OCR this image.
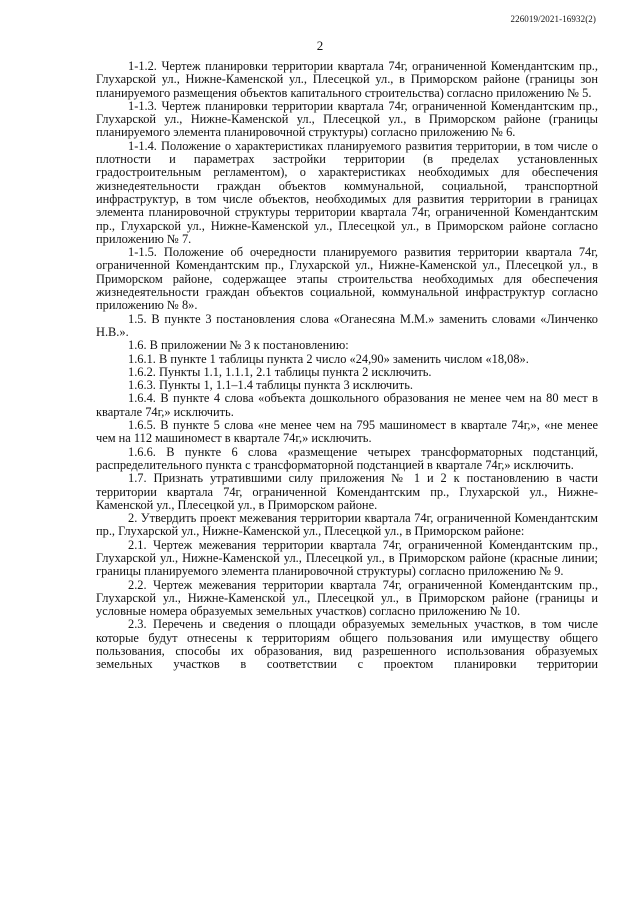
226019/2021-16932(2)
2

1-1.2. Чертеж планировки территории квартала 74г, ограниченной Комендантским пр., Глухарской ул., Нижне-Каменской ул., Плесецкой ул., в Приморском районе (границы зон планируемого размещения объектов капитального строительства) согласно приложению № 5.

1-1.3. Чертеж планировки территории квартала 74г, ограниченной Комендантским пр., Глухарской ул., Нижне-Каменской ул., Плесецкой ул., в Приморском районе (границы планируемого элемента планировочной структуры) согласно приложению № 6.

1-1.4. Положение о характеристиках планируемого развития территории, в том числе о плотности и параметрах застройки территории (в пределах установленных градостроительным регламентом), о характеристиках необходимых для обеспечения жизнедеятельности граждан объектов коммунальной, социальной, транспортной инфраструктур, в том числе объектов, необходимых для развития территории в границах элемента планировочной структуры территории квартала 74г, ограниченной Комендантским пр., Глухарской ул., Нижне-Каменской ул., Плесецкой ул., в Приморском районе согласно приложению № 7.

1-1.5. Положение об очередности планируемого развития территории квартала 74г, ограниченной Комендантским пр., Глухарской ул., Нижне-Каменской ул., Плесецкой ул., в Приморском районе, содержащее этапы строительства необходимых для обеспечения жизнедеятельности граждан объектов социальной, коммунальной инфраструктур согласно приложению № 8».

1.5. В пункте 3 постановления слова «Оганесяна М.М.» заменить словами «Линченко Н.В.».

1.6. В приложении № 3 к постановлению:

1.6.1. В пункте 1 таблицы пункта 2 число «24,90» заменить числом «18,08».

1.6.2. Пункты 1.1, 1.1.1, 2.1 таблицы пункта 2 исключить.

1.6.3. Пункты 1, 1.1–1.4 таблицы пункта 3 исключить.

1.6.4. В пункте 4 слова «объекта дошкольного образования не менее чем на 80 мест в квартале 74г,» исключить.

1.6.5. В пункте 5 слова «не менее чем на 795 машиномест в квартале 74г,», «не менее чем на 112 машиномест в квартале 74г,» исключить.

1.6.6. В пункте 6 слова «размещение четырех трансформаторных подстанций, распределительного пункта с трансформаторной подстанцией в квартале 74г,» исключить.

1.7. Признать утратившими силу приложения № 1 и 2 к постановлению в части территории квартала 74г, ограниченной Комендантским пр., Глухарской ул., Нижне-Каменской ул., Плесецкой ул., в Приморском районе.

2. Утвердить проект межевания территории квартала 74г, ограниченной Комендантским пр., Глухарской ул., Нижне-Каменской ул., Плесецкой ул., в Приморском районе:

2.1. Чертеж межевания территории квартала 74г, ограниченной Комендантским пр., Глухарской ул., Нижне-Каменской ул., Плесецкой ул., в Приморском районе (красные линии; границы планируемого элемента планировочной структуры) согласно приложению № 9.

2.2. Чертеж межевания территории квартала 74г, ограниченной Комендантским пр., Глухарской ул., Нижне-Каменской ул., Плесецкой ул., в Приморском районе (границы и условные номера образуемых земельных участков) согласно приложению № 10.

2.3. Перечень и сведения о площади образуемых земельных участков, в том числе которые будут отнесены к территориям общего пользования или имуществу общего пользования, способы их образования, вид разрешенного использования образуемых земельных участков в соответствии с проектом планировки территории
